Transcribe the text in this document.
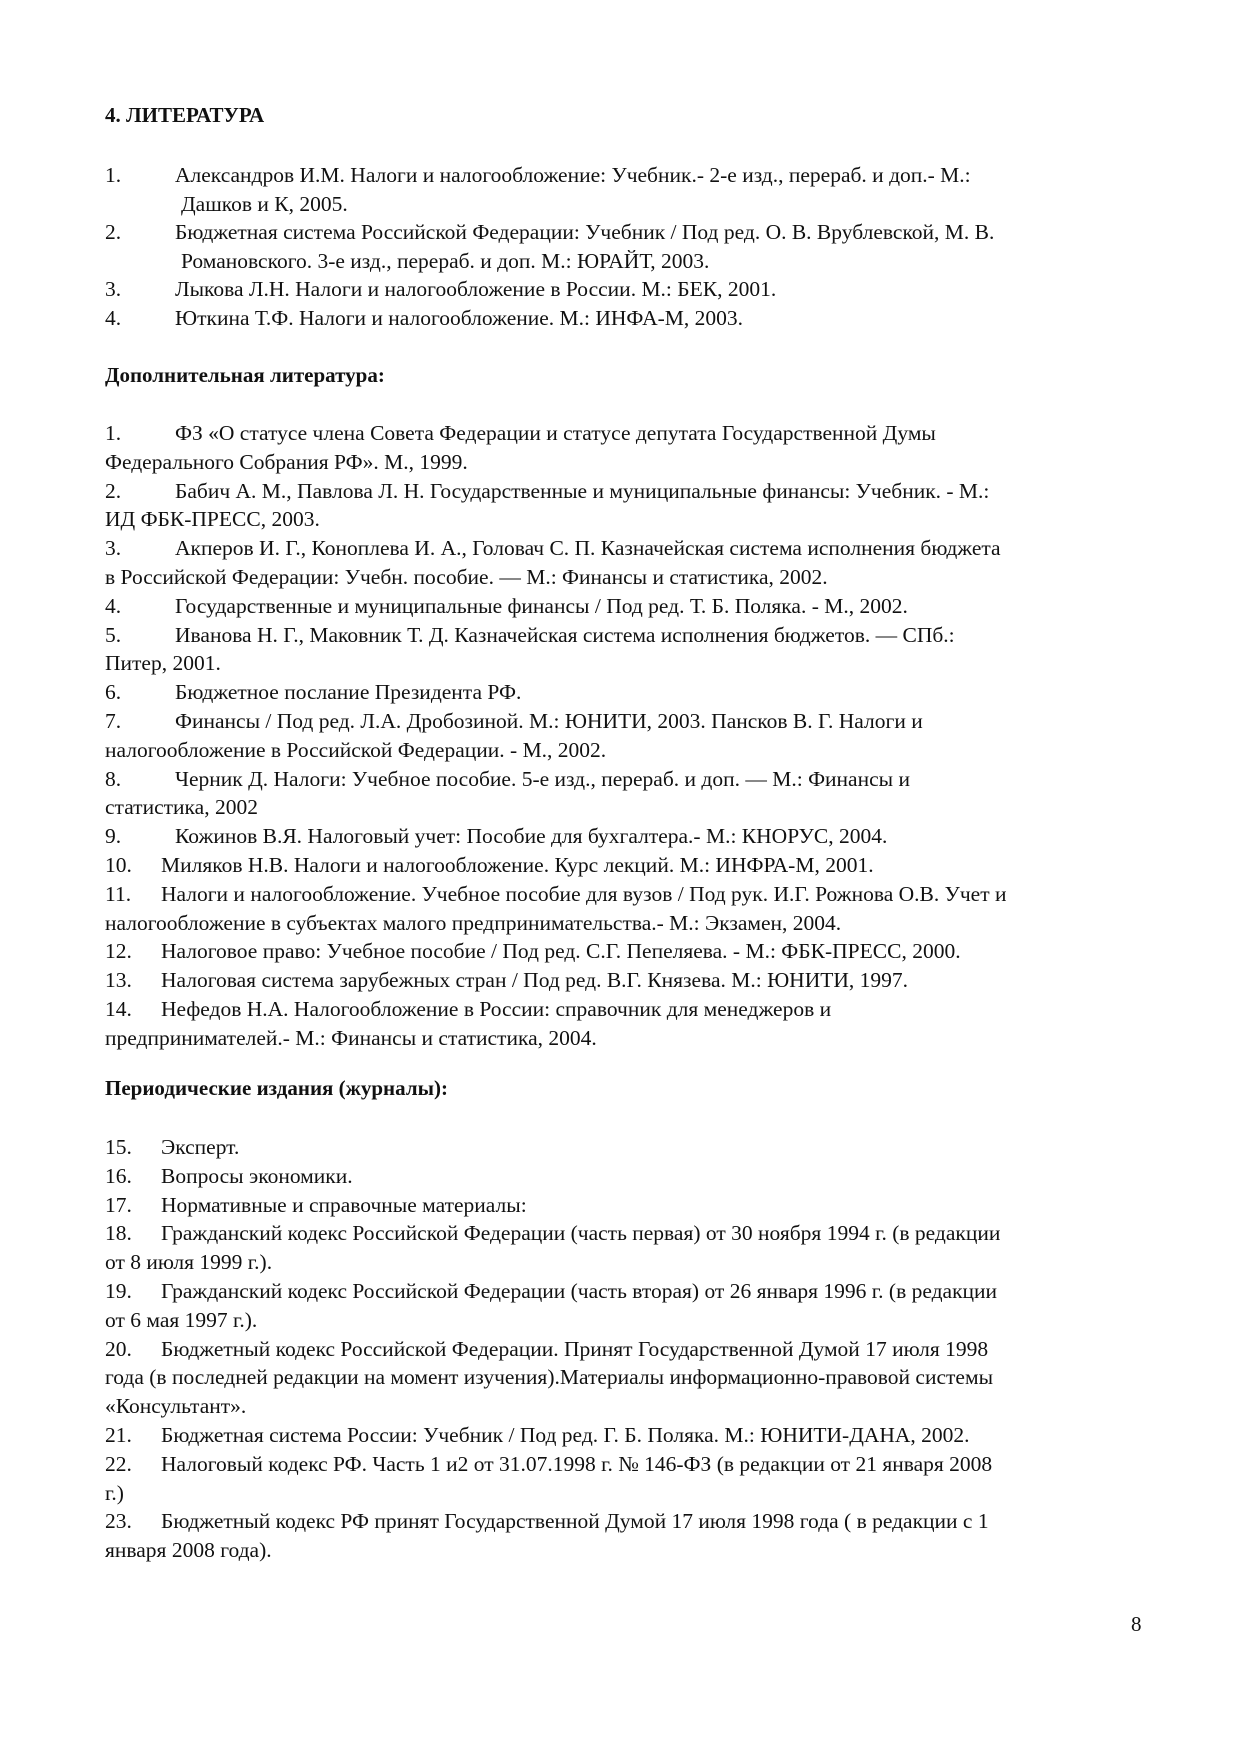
4. ЛИТЕРАТУРА
1.	Александров И.М. Налоги и налогообложение: Учебник.- 2-е изд., перераб. и доп.- М.:
Дашков и К, 2005.
2.	Бюджетная система Российской Федерации: Учебник / Под ред. О. В. Врублевской, М. В.
Романовского. 3-е изд., перераб. и доп. М.: ЮРАЙТ, 2003.
3.	Лыкова Л.Н. Налоги и налогообложение в России. М.: БЕК, 2001.
4.	Юткина Т.Ф. Налоги и налогообложение. М.: ИНФА-М, 2003.
Дополнительная литература:

1.	ФЗ «О статусе члена Совета Федерации и статусе депутата Государственной Думы

Федерального Собрания РФ». М., 1999.

2.	Бабич А. М., Павлова Л. Н. Государственные и муниципальные финансы: Учебник. - М.:

ИД ФБК-ПРЕСС, 2003.

3.	Акперов И. Г., Коноплева И. А., Головач С. П. Казначейская система исполнения бюджета

в Российской Федерации: Учебн. пособие. — М.: Финансы и статистика, 2002.

4.	Государственные и муниципальные финансы / Под ред. Т. Б. Поляка. - М., 2002.

5.	Иванова Н. Г., Маковник Т. Д. Казначейская система исполнения бюджетов. — СПб.:

Питер, 2001.

6.	Бюджетное послание Президента РФ.

7.	Финансы / Под ред. Л.А. Дробозиной. М.: ЮНИТИ, 2003. Пансков В. Г. Налоги и

налогообложение в Российской Федерации. - М., 2002.

8.	Черник Д. Налоги: Учебное пособие. 5-е изд., перераб. и доп. — М.: Финансы и

статистика, 2002

9.	Кожинов В.Я. Налоговый учет: Пособие для бухгалтера.- М.: КНОРУС, 2004.

10. Миляков Н.В. Налоги и налогообложение. Курс лекций. М.: ИНФРА-М, 2001.

11. Налоги и налогообложение. Учебное пособие для вузов / Под рук. И.Г. Рожнова О.В. Учет и

налогообложение в субъектах малого предпринимательства.- М.: Экзамен, 2004.

12. Налоговое право: Учебное пособие / Под ред. С.Г. Пепеляева. - М.: ФБК-ПРЕСС, 2000.

13. Налоговая система зарубежных стран / Под ред. В.Г. Князева. М.: ЮНИТИ, 1997.

14. Нефедов Н.А. Налогообложение в России: справочник для менеджеров и

предпринимателей.- М.: Финансы и статистика, 2004.

Периодические издания (журналы):

15. Эксперт.

16. Вопросы экономики.

17. Нормативные и справочные материалы:

18. Гражданский кодекс Российской Федерации (часть первая) от 30 ноября 1994 г. (в редакции

от 8 июля 1999 г.).

19. Гражданский кодекс Российской Федерации (часть вторая) от 26 января 1996 г. (в редакции

от 6 мая 1997 г.).

20. Бюджетный кодекс Российской Федерации. Принят Государственной Думой 17 июля 1998

года (в последней редакции на момент изучения).Материалы информационно-правовой системы

«Консультант».

21. Бюджетная система России: Учебник / Под ред. Г. Б. Поляка. М.: ЮНИТИ-ДАНА, 2002.

22. Налоговый кодекс РФ. Часть 1 и2 от 31.07.1998 г. № 146-ФЗ (в редакции от 21 января 2008

г.)

23. Бюджетный кодекс РФ принят Государственной Думой 17 июля 1998 года ( в редакции с 1

января 2008 года).

8
